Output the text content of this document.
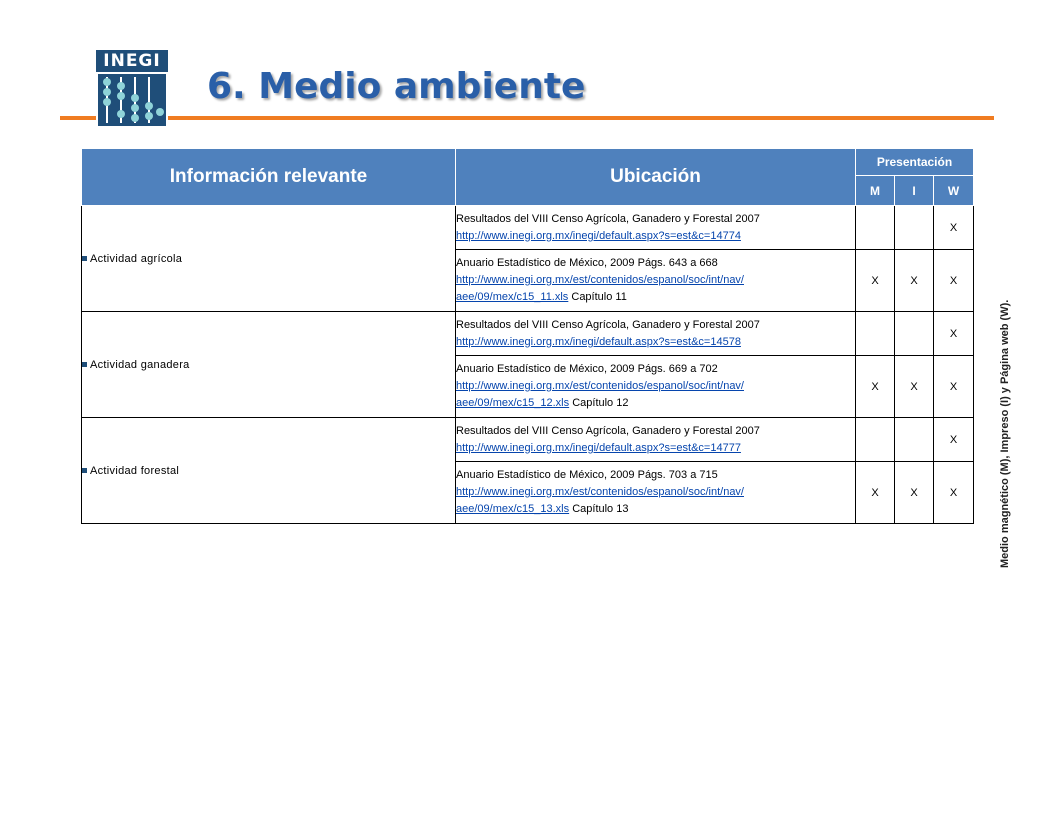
INEGI
6. Medio ambiente
Información relevante	Ubicación	Presentación		
		M	I	W
Actividad agrícola	Resultados del VIII Censo Agrícola, Ganadero y Forestal 2007
http://www.inegi.org.mx/inegi/default.aspx?s=est&c=14774			X
	Anuario Estadístico de México, 2009 Págs. 643 a 668
http://www.inegi.org.mx/est/contenidos/espanol/soc/int/nav/
aee/09/mex/c15_11.xls Capítulo 11	X	X	X
Actividad ganadera	Resultados del VIII Censo Agrícola, Ganadero y Forestal 2007
http://www.inegi.org.mx/inegi/default.aspx?s=est&c=14578			X
	Anuario Estadístico de México, 2009 Págs. 669 a 702
http://www.inegi.org.mx/est/contenidos/espanol/soc/int/nav/
aee/09/mex/c15_12.xls Capítulo 12	X	X	X
Actividad forestal	Resultados del VIII Censo Agrícola, Ganadero y Forestal 2007
http://www.inegi.org.mx/inegi/default.aspx?s=est&c=14777			X
	Anuario Estadístico de México, 2009 Págs. 703 a 715
http://www.inegi.org.mx/est/contenidos/espanol/soc/int/nav/
aee/09/mex/c15_13.xls Capítulo 13	X	X	X	Medio magnético (M), Impreso (I) y Página web (W).
